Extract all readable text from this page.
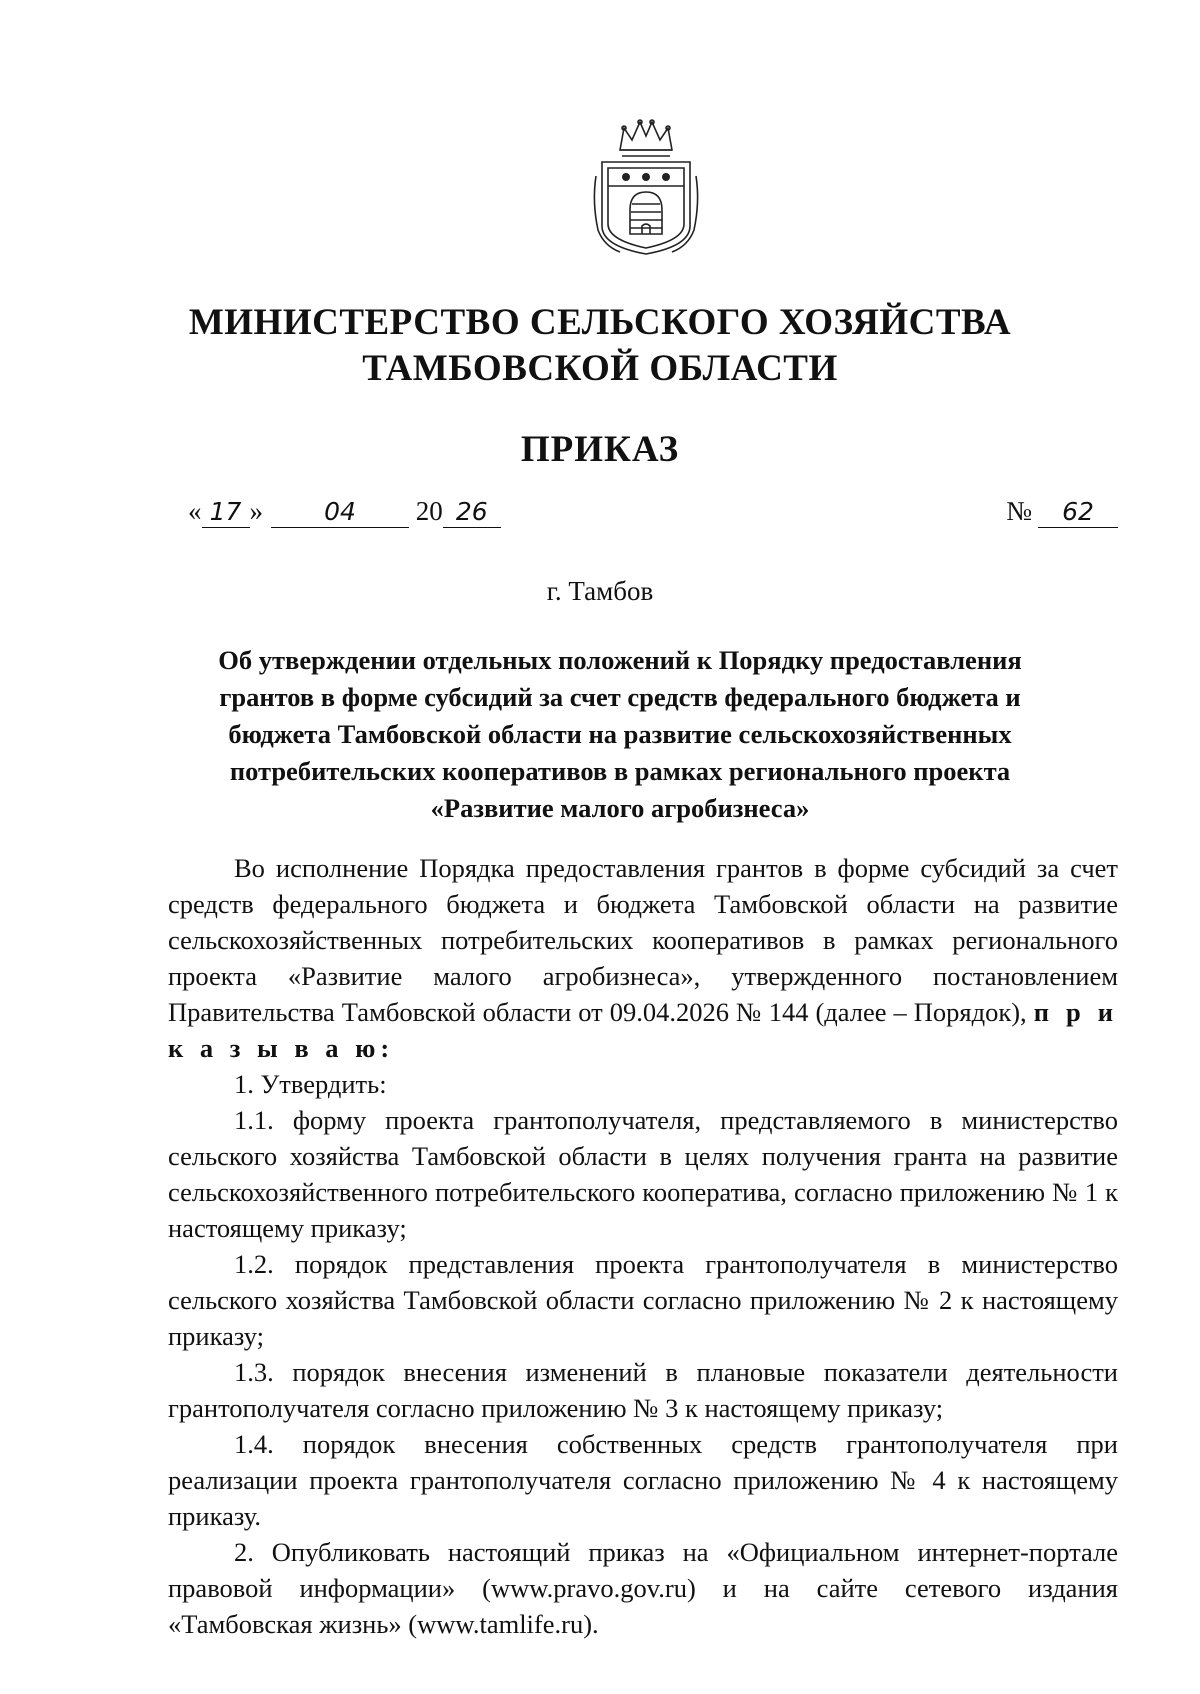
МИНИСТЕРСТВО СЕЛЬСКОГО ХОЗЯЙСТВА
ТАМБОВСКОЙ ОБЛАСТИ
ПРИКАЗ
« 17 » 04 20 26	№ 62
г. Тамбов
Об утверждении отдельных положений к Порядку предоставления
грантов в форме субсидий за счет средств федерального бюджета и
бюджета Тамбовской области на развитие сельскохозяйственных
потребительских кооперативов в рамках регионального проекта
«Развитие малого агробизнеса»

Во исполнение Порядка предоставления грантов в форме субсидий за счет средств федерального бюджета и бюджета Тамбовской области на развитие сельскохозяйственных потребительских кооперативов в рамках регионального проекта «Развитие малого агробизнеса», утвержденного постановлением Правительства Тамбовской области от 09.04.2026 № 144 (далее – Порядок), п р и к а з ы в а ю:

1. Утвердить:

1.1. форму проекта грантополучателя, представляемого в министерство сельского хозяйства Тамбовской области в целях получения гранта на развитие сельскохозяйственного потребительского кооператива, согласно приложению № 1 к настоящему приказу;

1.2. порядок представления проекта грантополучателя в министерство сельского хозяйства Тамбовской области согласно приложению № 2 к настоящему приказу;

1.3. порядок внесения изменений в плановые показатели деятельности грантополучателя согласно приложению № 3 к настоящему приказу;

1.4. порядок внесения собственных средств грантополучателя при реализации проекта грантополучателя согласно приложению № 4 к настоящему приказу.

2. Опубликовать настоящий приказ на «Официальном интернет-портале правовой информации» (www.pravo.gov.ru) и на сайте сетевого издания «Тамбовская жизнь» (www.tamlife.ru).
